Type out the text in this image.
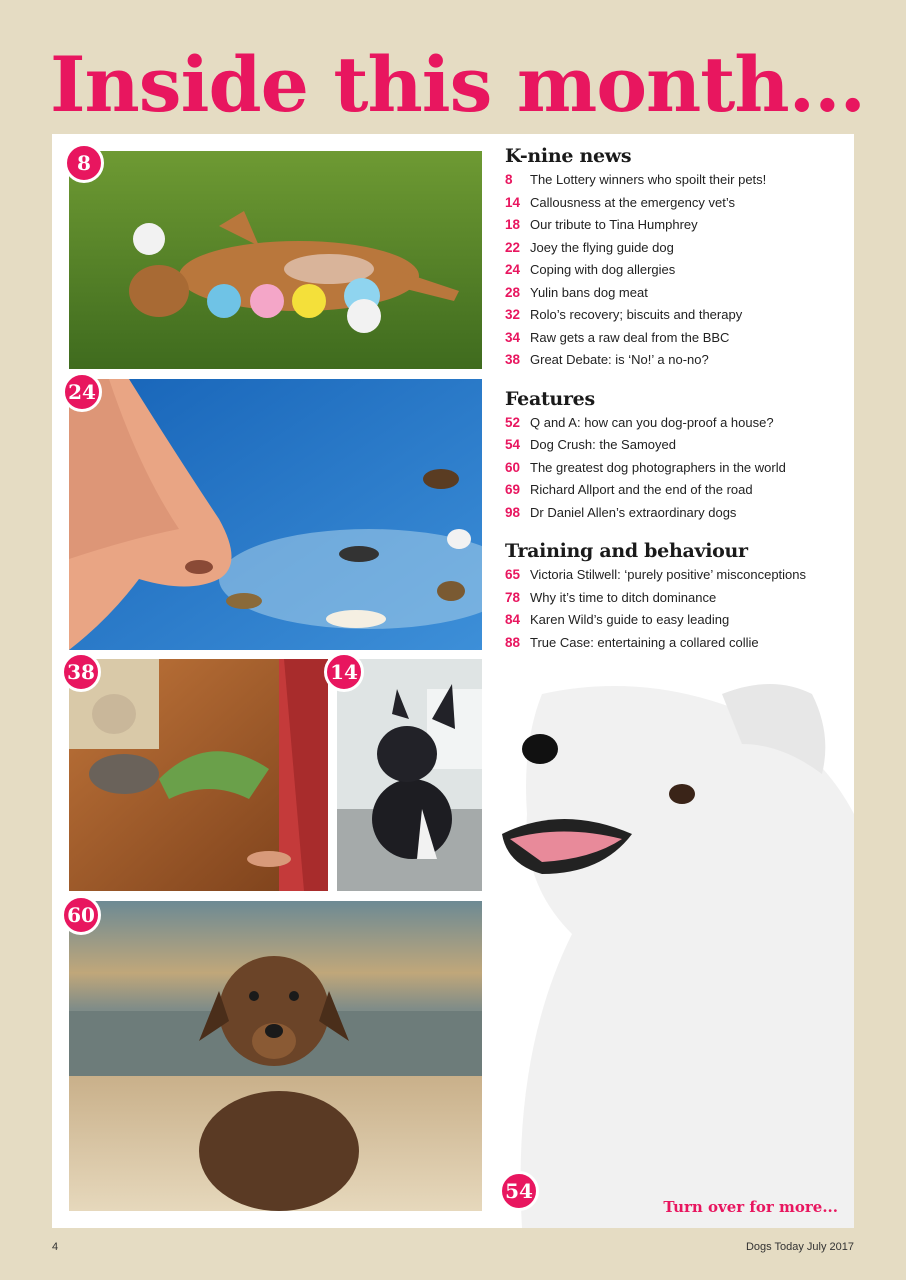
Inside this month...
8
24
38	14
60
54
Turn over for more...
K-nine news
8	The Lottery winners who spoilt their pets!
14 Callousness at the emergency vet’s
18 Our tribute to Tina Humphrey
22 Joey the flying guide dog
24 Coping with dog allergies
28 Yulin bans dog meat
32 Rolo’s recovery; biscuits and therapy
34 Raw gets a raw deal from the BBC
38 Great Debate: is ‘No!’ a no-no?
Features
52 Q and A: how can you dog-proof a house?
54 Dog Crush: the Samoyed
60 The greatest dog photographers in the world
69 Richard Allport and the end of the road
98 Dr Daniel Allen’s extraordinary dogs
Training and behaviour
65 Victoria Stilwell: ‘purely positive’ misconceptions
78 Why it’s time to ditch dominance
84 Karen Wild’s guide to easy leading
88 True Case: entertaining a collared collie
4	Dogs Today July 2017
